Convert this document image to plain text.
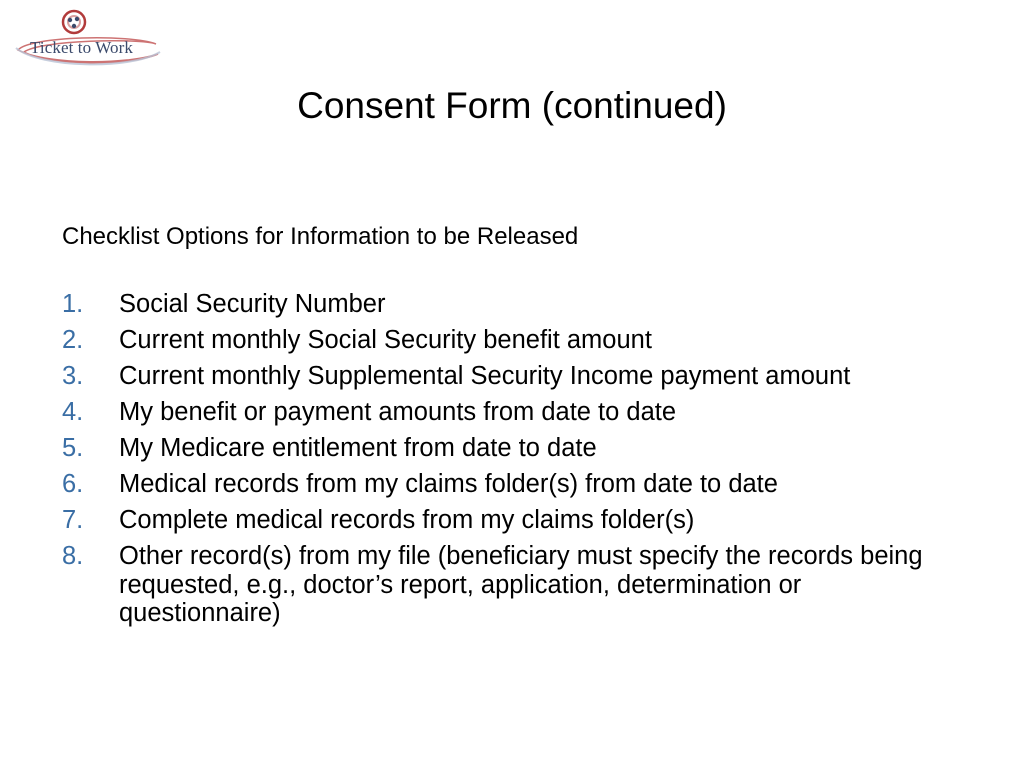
Ticket to Work
Consent Form (continued)
Checklist Options for Information to be Released
1. Social Security Number
2. Current monthly Social Security benefit amount
3. Current monthly Supplemental Security Income payment amount
4. My benefit or payment amounts from date to date
5. My Medicare entitlement from date to date
6. Medical records from my claims folder(s) from date to date
7. Complete medical records from my claims folder(s)
8. Other record(s) from my file (beneficiary must specify the records being requested, e.g., doctor’s report, application, determination or questionnaire)
